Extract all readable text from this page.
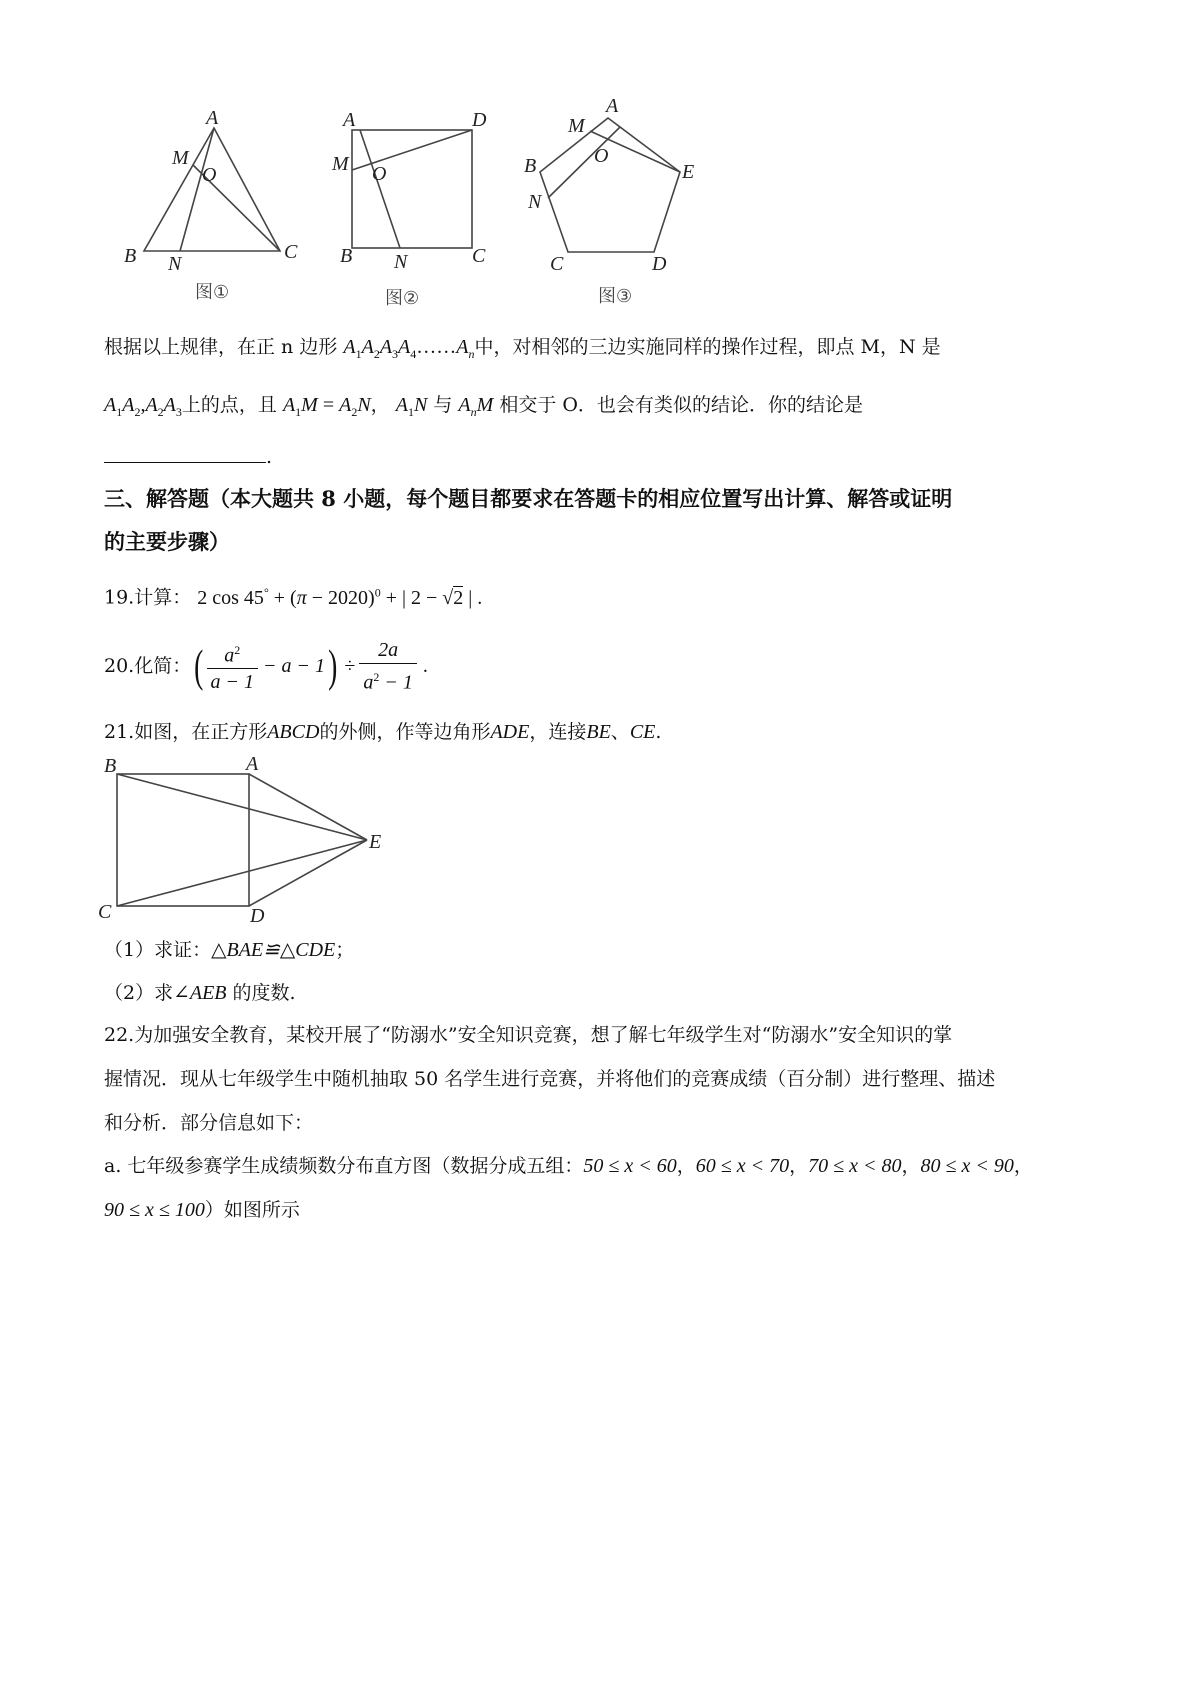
A
M
O
B N
C
图①
A	D
M O
B N	C
图②
A
M
O
B	E
N
C	D
图③
根据以上规律，在正 n 边形 $A_1A_2A_3A_4\dots\dots A_n$中，对相邻的三边实施同样的操作过程，即点 M，N 是
$A_1A_2,A_2A_3$上的点，且 $A_1M = A_2N$， $A_1N$ 与 $A_nM$ 相交于 O．也会有类似的结论．你的结论是
.
三、解答题（本大题共 8 小题，每个题目都要求在答题卡的相应位置写出计算、解答或证明
的主要步骤）
19.计算： 2 $\cos 45^\circ + (\pi - 2020)^0$ + | 2 − √2 | .
20.化简： ( $\frac{a^2}{a - 1} - a - 1$ ) ÷ $\frac{2a}{a^2 - 1}$ .
21.如图，在正方形ABCD的外侧，作等边角形ADE，连接BE、CE.
B	A
E
C	D
（1）求证：△BAE≌△CDE；
（2）求∠AEB 的度数.
22.为加强安全教育，某校开展了“防溺水”安全知识竞赛，想了解七年级学生对“防溺水”安全知识的掌
握情况．现从七年级学生中随机抽取 50 名学生进行竞赛，并将他们的竞赛成绩（百分制）进行整理、描述
和分析．部分信息如下：
a. 七年级参赛学生成绩频数分布直方图（数据分成五组：50 ≤ x < 60，60 ≤ x < 70，70 ≤ x < 80，80 ≤ x < 90，
90 ≤ x ≤ 100）如图所示
